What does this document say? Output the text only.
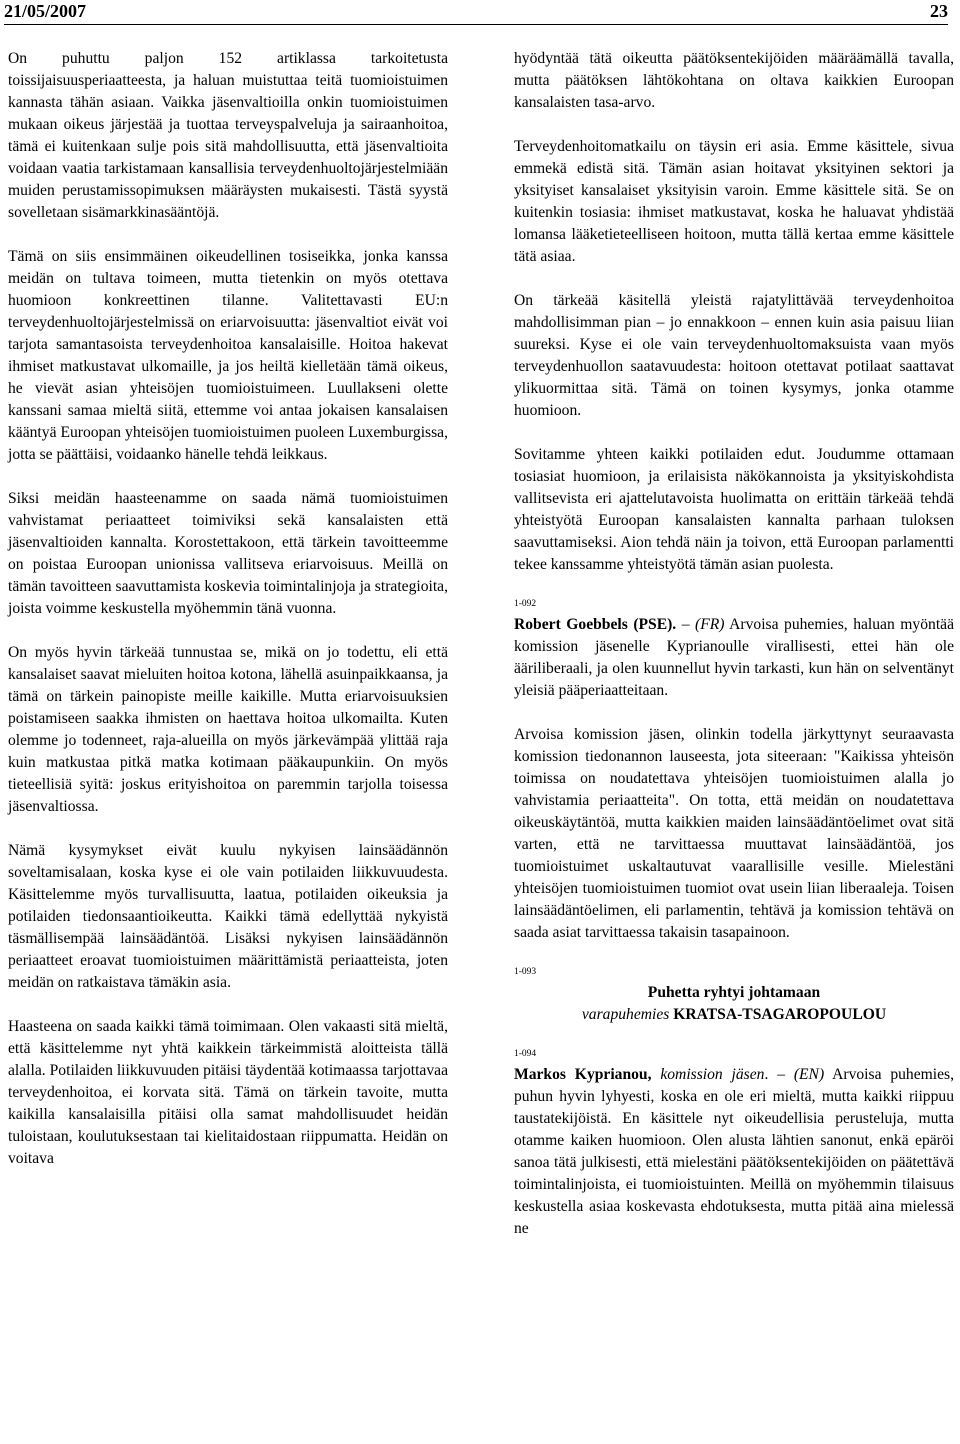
21/05/2007	23

On puhuttu paljon 152 artiklassa tarkoitetusta toissijaisuusperiaatteesta, ja haluan muistuttaa teitä tuomioistuimen kannasta tähän asiaan. Vaikka jäsenvaltioilla onkin tuomioistuimen mukaan oikeus järjestää ja tuottaa terveyspalveluja ja sairaanhoitoa, tämä ei kuitenkaan sulje pois sitä mahdollisuutta, että jäsenvaltioita voidaan vaatia tarkistamaan kansallisia terveydenhuoltojärjestelmiään muiden perustamissopimuksen määräysten mukaisesti. Tästä syystä sovelletaan sisämarkkinasääntöjä.

Tämä on siis ensimmäinen oikeudellinen tosiseikka, jonka kanssa meidän on tultava toimeen, mutta tietenkin on myös otettava huomioon konkreettinen tilanne. Valitettavasti EU:n terveydenhuoltojärjestelmissä on eriarvoisuutta: jäsenvaltiot eivät voi tarjota samantasoista terveydenhoitoa kansalaisille. Hoitoa hakevat ihmiset matkustavat ulkomaille, ja jos heiltä kielletään tämä oikeus, he vievät asian yhteisöjen tuomioistuimeen. Luullakseni olette kanssani samaa mieltä siitä, ettemme voi antaa jokaisen kansalaisen kääntyä Euroopan yhteisöjen tuomioistuimen puoleen Luxemburgissa, jotta se päättäisi, voidaanko hänelle tehdä leikkaus.

Siksi meidän haasteenamme on saada nämä tuomioistuimen vahvistamat periaatteet toimiviksi sekä kansalaisten että jäsenvaltioiden kannalta. Korostettakoon, että tärkein tavoitteemme on poistaa Euroopan unionissa vallitseva eriarvoisuus. Meillä on tämän tavoitteen saavuttamista koskevia toimintalinjoja ja strategioita, joista voimme keskustella myöhemmin tänä vuonna.

On myös hyvin tärkeää tunnustaa se, mikä on jo todettu, eli että kansalaiset saavat mieluiten hoitoa kotona, lähellä asuinpaikkaansa, ja tämä on tärkein painopiste meille kaikille. Mutta eriarvoisuuksien poistamiseen saakka ihmisten on haettava hoitoa ulkomailta. Kuten olemme jo todenneet, raja-alueilla on myös järkevämpää ylittää raja kuin matkustaa pitkä matka kotimaan pääkaupunkiin. On myös tieteellisiä syitä: joskus erityishoitoa on paremmin tarjolla toisessa jäsenvaltiossa.

Nämä kysymykset eivät kuulu nykyisen lainsäädännön soveltamisalaan, koska kyse ei ole vain potilaiden liikkuvuudesta. Käsittelemme myös turvallisuutta, laatua, potilaiden oikeuksia ja potilaiden tiedonsaantioikeutta. Kaikki tämä edellyttää nykyistä täsmällisempää lainsäädäntöä. Lisäksi nykyisen lainsäädännön periaatteet eroavat tuomioistuimen määrittämistä periaatteista, joten meidän on ratkaistava tämäkin asia.

Haasteena on saada kaikki tämä toimimaan. Olen vakaasti sitä mieltä, että käsittelemme nyt yhtä kaikkein tärkeimmistä aloitteista tällä alalla. Potilaiden liikkuvuuden pitäisi täydentää kotimaassa tarjottavaa terveydenhoitoa, ei korvata sitä. Tämä on tärkein tavoite, mutta kaikilla kansalaisilla pitäisi olla samat mahdollisuudet heidän tuloistaan, koulutuksestaan tai kielitaidostaan riippumatta. Heidän on voitava

hyödyntää tätä oikeutta päätöksentekijöiden määräämällä tavalla, mutta päätöksen lähtökohtana on oltava kaikkien Euroopan kansalaisten tasa-arvo.

Terveydenhoitomatkailu on täysin eri asia. Emme käsittele, sivua emmekä edistä sitä. Tämän asian hoitavat yksityinen sektori ja yksityiset kansalaiset yksityisin varoin. Emme käsittele sitä. Se on kuitenkin tosiasia: ihmiset matkustavat, koska he haluavat yhdistää lomansa lääketieteelliseen hoitoon, mutta tällä kertaa emme käsittele tätä asiaa.

On tärkeää käsitellä yleistä rajatylittävää terveydenhoitoa mahdollisimman pian – jo ennakkoon – ennen kuin asia paisuu liian suureksi. Kyse ei ole vain terveydenhuoltomaksuista vaan myös terveydenhuollon saatavuudesta: hoitoon otettavat potilaat saattavat ylikuormittaa sitä. Tämä on toinen kysymys, jonka otamme huomioon.

Sovitamme yhteen kaikki potilaiden edut. Joudumme ottamaan tosiasiat huomioon, ja erilaisista näkökannoista ja yksityiskohdista vallitsevista eri ajattelutavoista huolimatta on erittäin tärkeää tehdä yhteistyötä Euroopan kansalaisten kannalta parhaan tuloksen saavuttamiseksi. Aion tehdä näin ja toivon, että Euroopan parlamentti tekee kanssamme yhteistyötä tämän asian puolesta.

1-092

Robert Goebbels (PSE). – (FR) Arvoisa puhemies, haluan myöntää komission jäsenelle Kyprianoulle virallisesti, ettei hän ole ääriliberaali, ja olen kuunnellut hyvin tarkasti, kun hän on selventänyt yleisiä pääperiaatteitaan.

Arvoisa komission jäsen, olinkin todella järkyttynyt seuraavasta komission tiedonannon lauseesta, jota siteeraan: "Kaikissa yhteisön toimissa on noudatettava yhteisöjen tuomioistuimen alalla jo vahvistamia periaatteita". On totta, että meidän on noudatettava oikeuskäytäntöä, mutta kaikkien maiden lainsäädäntöelimet ovat sitä varten, että ne tarvittaessa muuttavat lainsäädäntöä, jos tuomioistuimet uskaltautuvat vaarallisille vesille. Mielestäni yhteisöjen tuomioistuimen tuomiot ovat usein liian liberaaleja. Toisen lainsäädäntöelimen, eli parlamentin, tehtävä ja komission tehtävä on saada asiat tarvittaessa takaisin tasapainoon.

1-093
Puhetta ryhtyi johtamaan

varapuhemies KRATSA-TSAGAROPOULOU

1-094

Markos Kyprianou, komission jäsen. – (EN) Arvoisa puhemies, puhun hyvin lyhyesti, koska en ole eri mieltä, mutta kaikki riippuu taustatekijöistä. En käsittele nyt oikeudellisia perusteluja, mutta otamme kaiken huomioon. Olen alusta lähtien sanonut, enkä epäröi sanoa tätä julkisesti, että mielestäni päätöksentekijöiden on päätettävä toimintalinjoista, ei tuomioistuinten. Meillä on myöhemmin tilaisuus keskustella asiaa koskevasta ehdotuksesta, mutta pitää aina mielessä ne
